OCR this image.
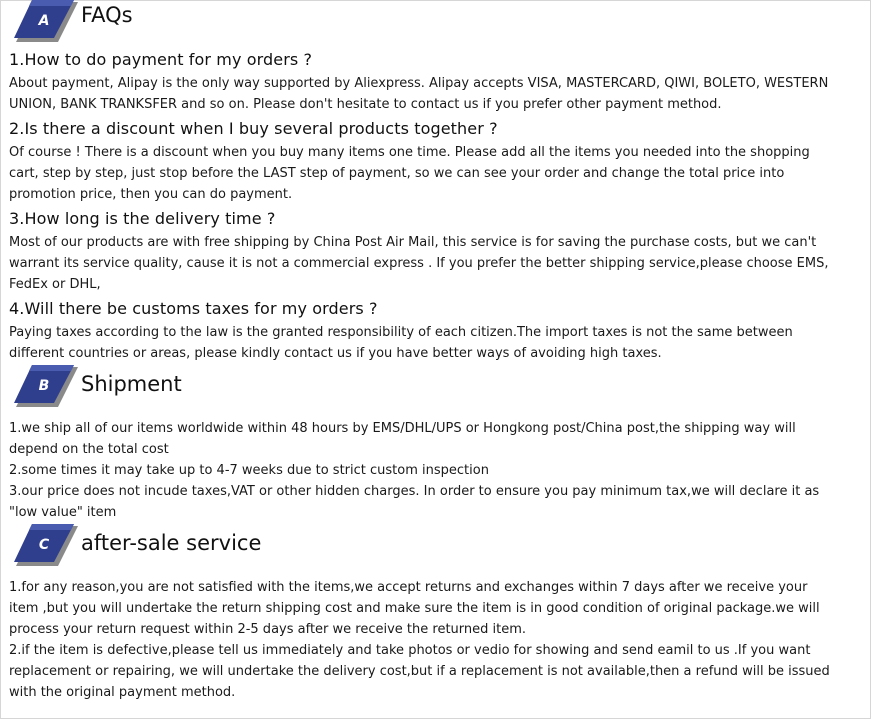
A FAQs
1.How to do payment for my orders ?
About payment, Alipay is the only way supported by Aliexpress. Alipay accepts VISA, MASTERCARD, QIWI, BOLETO, WESTERN
UNION, BANK TRANKSFER and so on. Please don't hesitate to contact us if you prefer other payment method.
2.Is there a discount when I buy several products together ?
Of course ! There is a discount when you buy many items one time. Please add all the items you needed into the shopping
cart, step by step, just stop before the LAST step of payment, so we can see your order and change the total price into
promotion price, then you can do payment.
3.How long is the delivery time ?
Most of our products are with free shipping by China Post Air Mail, this service is for saving the purchase costs, but we can't
warrant its service quality, cause it is not a commercial express . If you prefer the better shipping service,please choose EMS,
FedEx or DHL,
4.Will there be customs taxes for my orders ?
Paying taxes according to the law is the granted responsibility of each citizen.The import taxes is not the same between
different countries or areas, please kindly contact us if you have better ways of avoiding high taxes.
B Shipment
1.we ship all of our items worldwide within 48 hours by EMS/DHL/UPS or Hongkong post/China post,the shipping way will
depend on the total cost
2.some times it may take up to 4-7 weeks due to strict custom inspection
3.our price does not incude taxes,VAT or other hidden charges. In order to ensure you pay minimum tax,we will declare it as
"low value" item
C after-sale service
1.for any reason,you are not satisfied with the items,we accept returns and exchanges within 7 days after we receive your
item ,but you will undertake the return shipping cost and make sure the item is in good condition of original package.we will
process your return request within 2-5 days after we receive the returned item.
2.if the item is defective,please tell us immediately and take photos or vedio for showing and send eamil to us .If you want
replacement or repairing, we will undertake the delivery cost,but if a replacement is not available,then a refund will be issued
with the original payment method.
